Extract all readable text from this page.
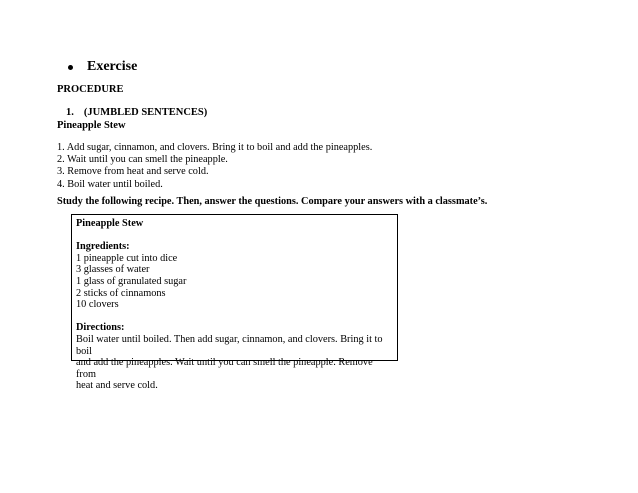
Exercise
PROCEDURE
1. (JUMBLED SENTENCES)
Pineapple Stew
1. Add sugar, cinnamon, and clovers. Bring it to boil and add the pineapples.
2. Wait until you can smell the pineapple.
3. Remove from heat and serve cold.
4. Boil water until boiled.
Study the following recipe. Then, answer the questions. Compare your answers with a classmate’s.
Pineapple Stew
Ingredients:
1 pineapple cut into dice
3 glasses of water
1 glass of granulated sugar
2 sticks of cinnamons
10 clovers
Directions:
Boil water until boiled. Then add sugar, cinnamon, and clovers. Bring it to boil
and add the pineapples. Wait until you can smell the pineapple. Remove from
heat and serve cold.
